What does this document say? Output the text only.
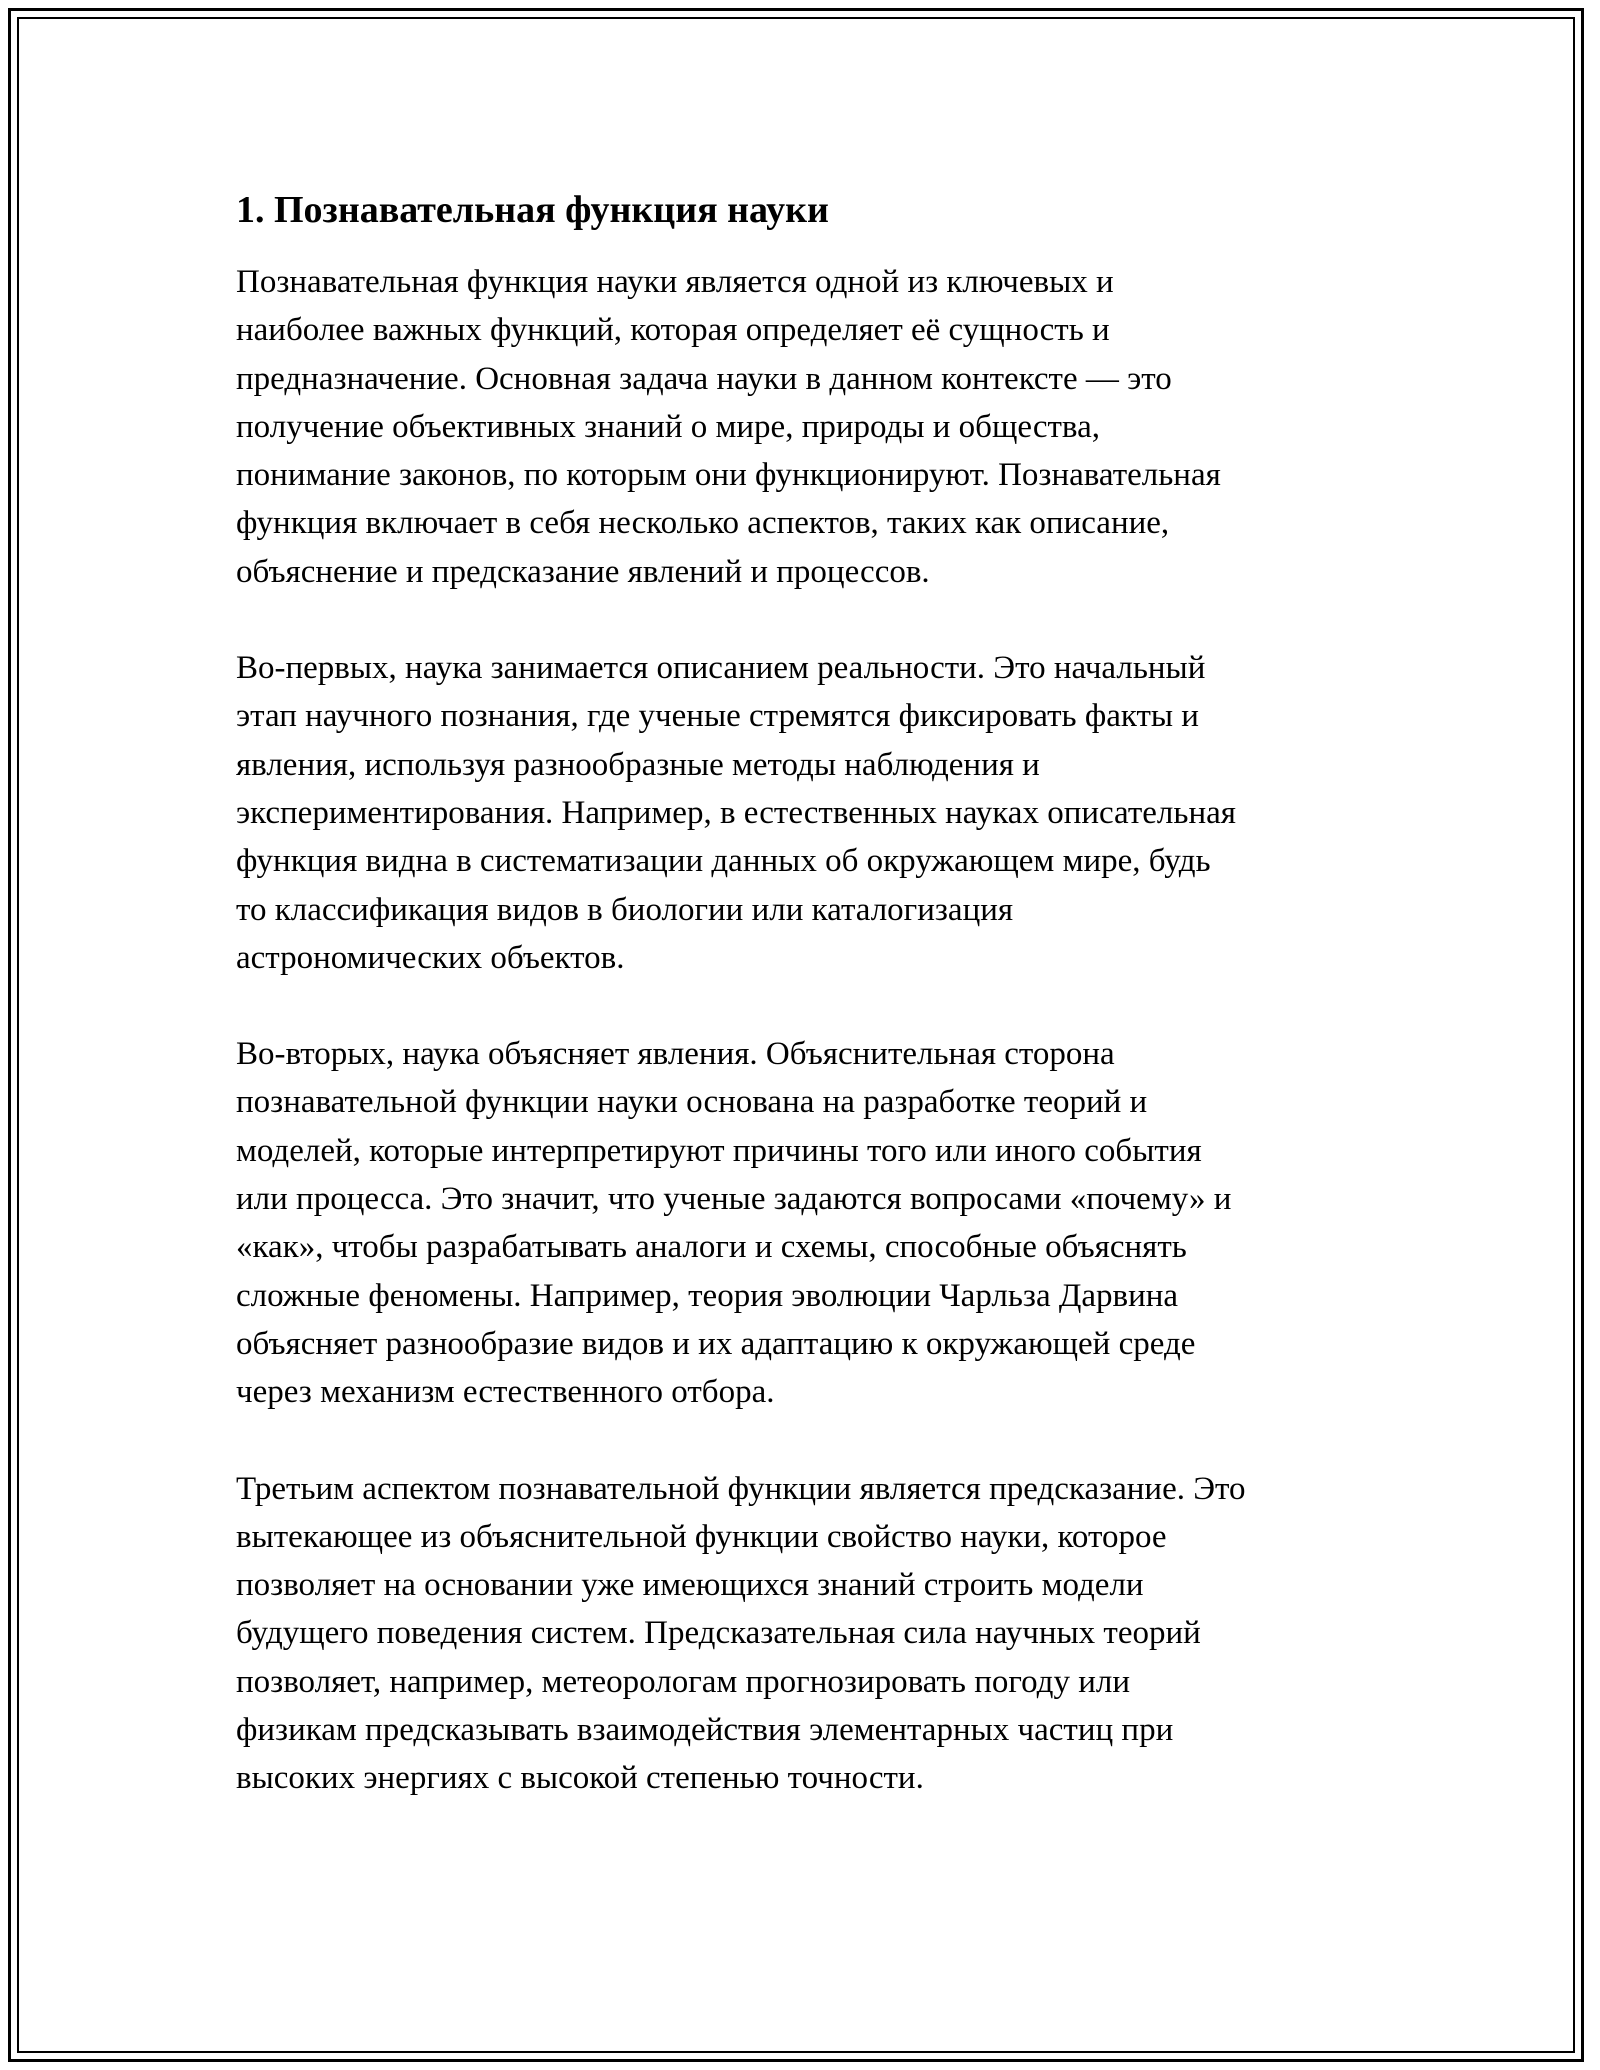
1. Познавательная функция науки

Познавательная функция науки является одной из ключевых и
наиболее важных функций, которая определяет её сущность и
предназначение. Основная задача науки в данном контексте — это
получение объективных знаний о мире, природы и общества,
понимание законов, по которым они функционируют. Познавательная
функция включает в себя несколько аспектов, таких как описание,
объяснение и предсказание явлений и процессов.

Во-первых, наука занимается описанием реальности. Это начальный
этап научного познания, где ученые стремятся фиксировать факты и
явления, используя разнообразные методы наблюдения и
экспериментирования. Например, в естественных науках описательная
функция видна в систематизации данных об окружающем мире, будь
то классификация видов в биологии или каталогизация
астрономических объектов.

Во-вторых, наука объясняет явления. Объяснительная сторона
познавательной функции науки основана на разработке теорий и
моделей, которые интерпретируют причины того или иного события
или процесса. Это значит, что ученые задаются вопросами «почему» и
«как», чтобы разрабатывать аналоги и схемы, способные объяснять
сложные феномены. Например, теория эволюции Чарльза Дарвина
объясняет разнообразие видов и их адаптацию к окружающей среде
через механизм естественного отбора.

Третьим аспектом познавательной функции является предсказание. Это
вытекающее из объяснительной функции свойство науки, которое
позволяет на основании уже имеющихся знаний строить модели
будущего поведения систем. Предсказательная сила научных теорий
позволяет, например, метеорологам прогнозировать погоду или
физикам предсказывать взаимодействия элементарных частиц при
высоких энергиях с высокой степенью точности.
